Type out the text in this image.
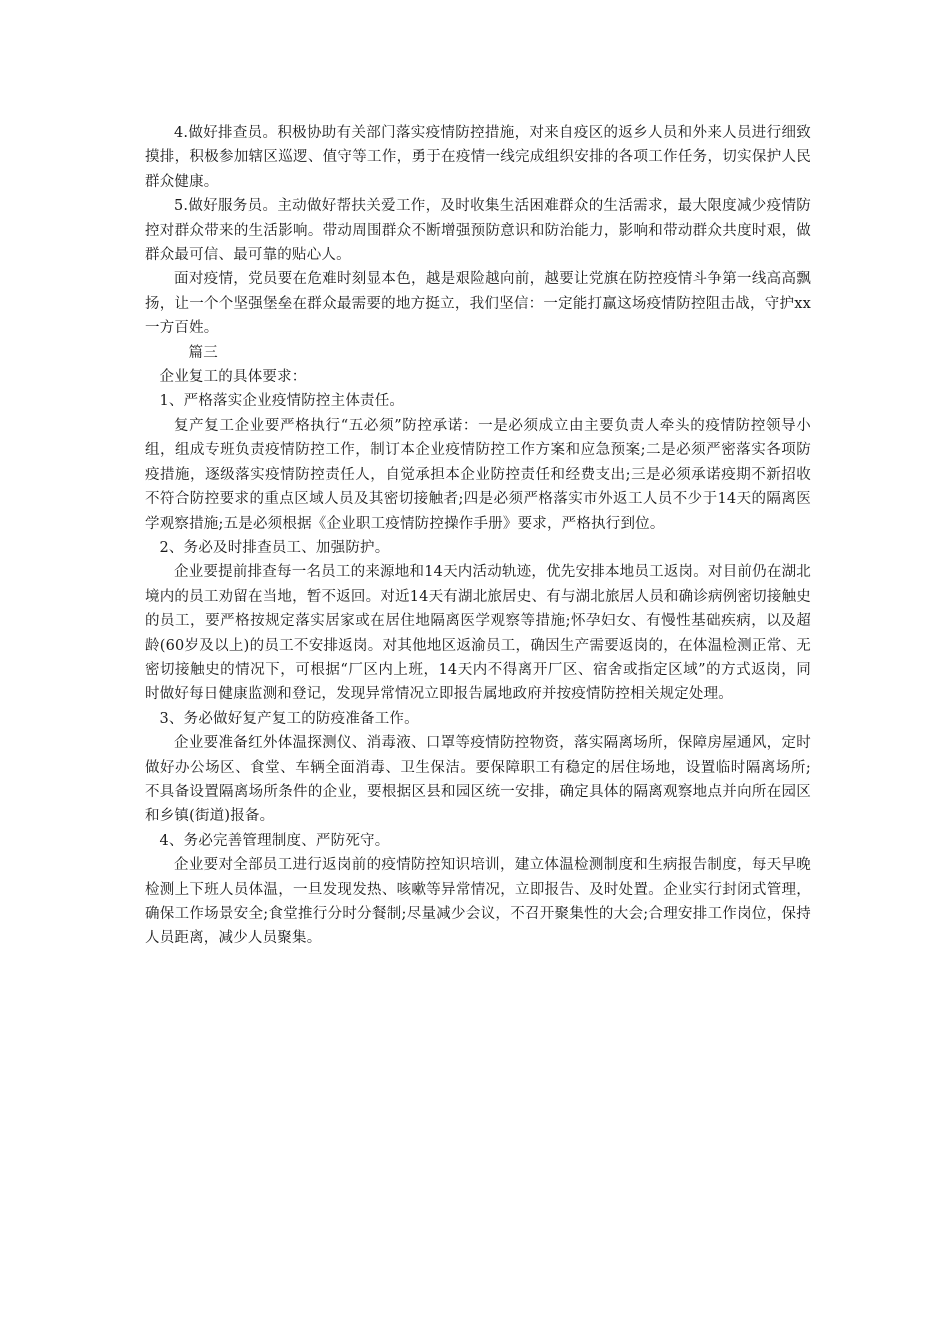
4.做好排查员。积极协助有关部门落实疫情防控措施，对来自疫区的返乡人员和外来人员进行细致摸排，积极参加辖区巡逻、值守等工作，勇于在疫情一线完成组织安排的各项工作任务，切实保护人民群众健康。

5.做好服务员。主动做好帮扶关爱工作，及时收集生活困难群众的生活需求，最大限度减少疫情防控对群众带来的生活影响。带动周围群众不断增强预防意识和防治能力，影响和带动群众共度时艰，做群众最可信、最可靠的贴心人。

面对疫情，党员要在危难时刻显本色，越是艰险越向前，越要让党旗在防控疫情斗争第一线高高飘扬，让一个个坚强堡垒在群众最需要的地方挺立，我们坚信：一定能打赢这场疫情防控阻击战，守护xx一方百姓。

篇三

企业复工的具体要求：

1、严格落实企业疫情防控主体责任。

复产复工企业要严格执行“五必须”防控承诺：一是必须成立由主要负责人牵头的疫情防控领导小组，组成专班负责疫情防控工作，制订本企业疫情防控工作方案和应急预案;二是必须严密落实各项防疫措施，逐级落实疫情防控责任人，自觉承担本企业防控责任和经费支出;三是必须承诺疫期不新招收不符合防控要求的重点区域人员及其密切接触者;四是必须严格落实市外返工人员不少于14天的隔离医学观察措施;五是必须根据《企业职工疫情防控操作手册》要求，严格执行到位。

2、务必及时排查员工、加强防护。

企业要提前排查每一名员工的来源地和14天内活动轨迹，优先安排本地员工返岗。对目前仍在湖北境内的员工劝留在当地，暂不返回。对近14天有湖北旅居史、有与湖北旅居人员和确诊病例密切接触史的员工，要严格按规定落实居家或在居住地隔离医学观察等措施;怀孕妇女、有慢性基础疾病，以及超龄(60岁及以上)的员工不安排返岗。对其他地区返渝员工，确因生产需要返岗的，在体温检测正常、无密切接触史的情况下，可根据“厂区内上班，14天内不得离开厂区、宿舍或指定区域”的方式返岗，同时做好每日健康监测和登记，发现异常情况立即报告属地政府并按疫情防控相关规定处理。

3、务必做好复产复工的防疫准备工作。

企业要准备红外体温探测仪、消毒液、口罩等疫情防控物资，落实隔离场所，保障房屋通风，定时做好办公场区、食堂、车辆全面消毒、卫生保洁。要保障职工有稳定的居住场地，设置临时隔离场所;不具备设置隔离场所条件的企业，要根据区县和园区统一安排，确定具体的隔离观察地点并向所在园区和乡镇(街道)报备。

4、务必完善管理制度、严防死守。

企业要对全部员工进行返岗前的疫情防控知识培训，建立体温检测制度和生病报告制度，每天早晚检测上下班人员体温，一旦发现发热、咳嗽等异常情况，立即报告、及时处置。企业实行封闭式管理，确保工作场景安全;食堂推行分时分餐制;尽量减少会议，不召开聚集性的大会;合理安排工作岗位，保持人员距离，减少人员聚集。
